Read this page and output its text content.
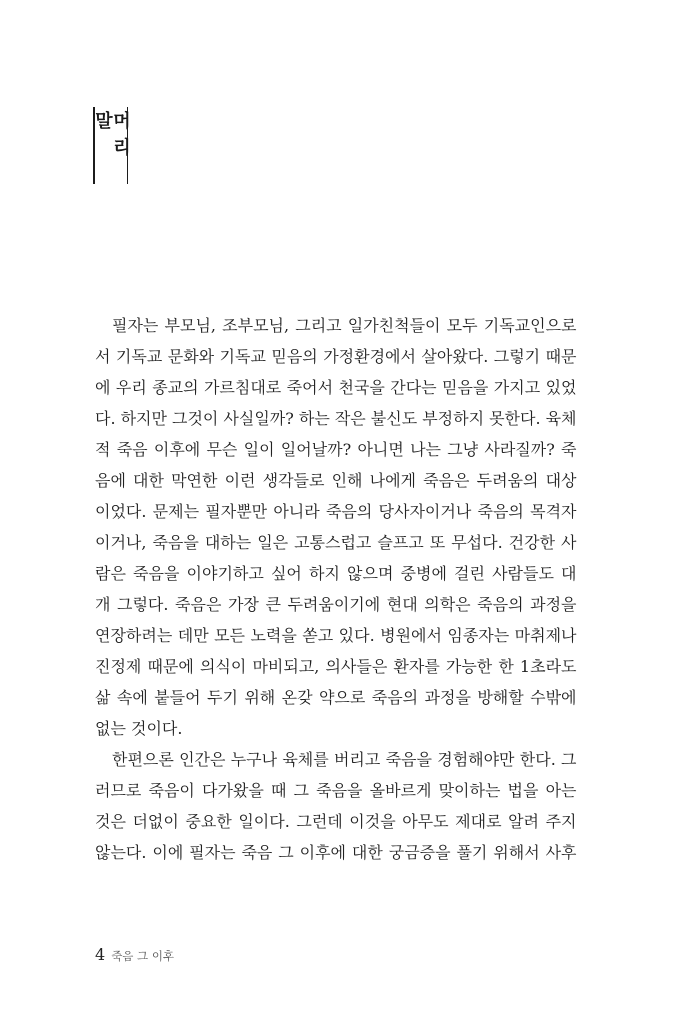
머리말
필자는 부모님, 조부모님, 그리고 일가친척들이 모두 기독교인으로
서 기독교 문화와 기독교 믿음의 가정환경에서 살아왔다. 그렇기 때문
에 우리 종교의 가르침대로 죽어서 천국을 간다는 믿음을 가지고 있었
다. 하지만 그것이 사실일까? 하는 작은 불신도 부정하지 못한다. 육체
적 죽음 이후에 무슨 일이 일어날까? 아니면 나는 그냥 사라질까? 죽
음에 대한 막연한 이런 생각들로 인해 나에게 죽음은 두려움의 대상
이었다. 문제는 필자뿐만 아니라 죽음의 당사자이거나 죽음의 목격자
이거나, 죽음을 대하는 일은 고통스럽고 슬프고 또 무섭다. 건강한 사
람은 죽음을 이야기하고 싶어 하지 않으며 중병에 걸린 사람들도 대
개 그렇다. 죽음은 가장 큰 두려움이기에 현대 의학은 죽음의 과정을
연장하려는 데만 모든 노력을 쏟고 있다. 병원에서 임종자는 마취제나
진정제 때문에 의식이 마비되고, 의사들은 환자를 가능한 한 1초라도
삶 속에 붙들어 두기 위해 온갖 약으로 죽음의 과정을 방해할 수밖에
없는 것이다.
한편으론 인간은 누구나 육체를 버리고 죽음을 경험해야만 한다. 그
러므로 죽음이 다가왔을 때 그 죽음을 올바르게 맞이하는 법을 아는
것은 더없이 중요한 일이다. 그런데 이것을 아무도 제대로 알려 주지
않는다. 이에 필자는 죽음 그 이후에 대한 궁금증을 풀기 위해서 사후
4 죽음 그 이후
